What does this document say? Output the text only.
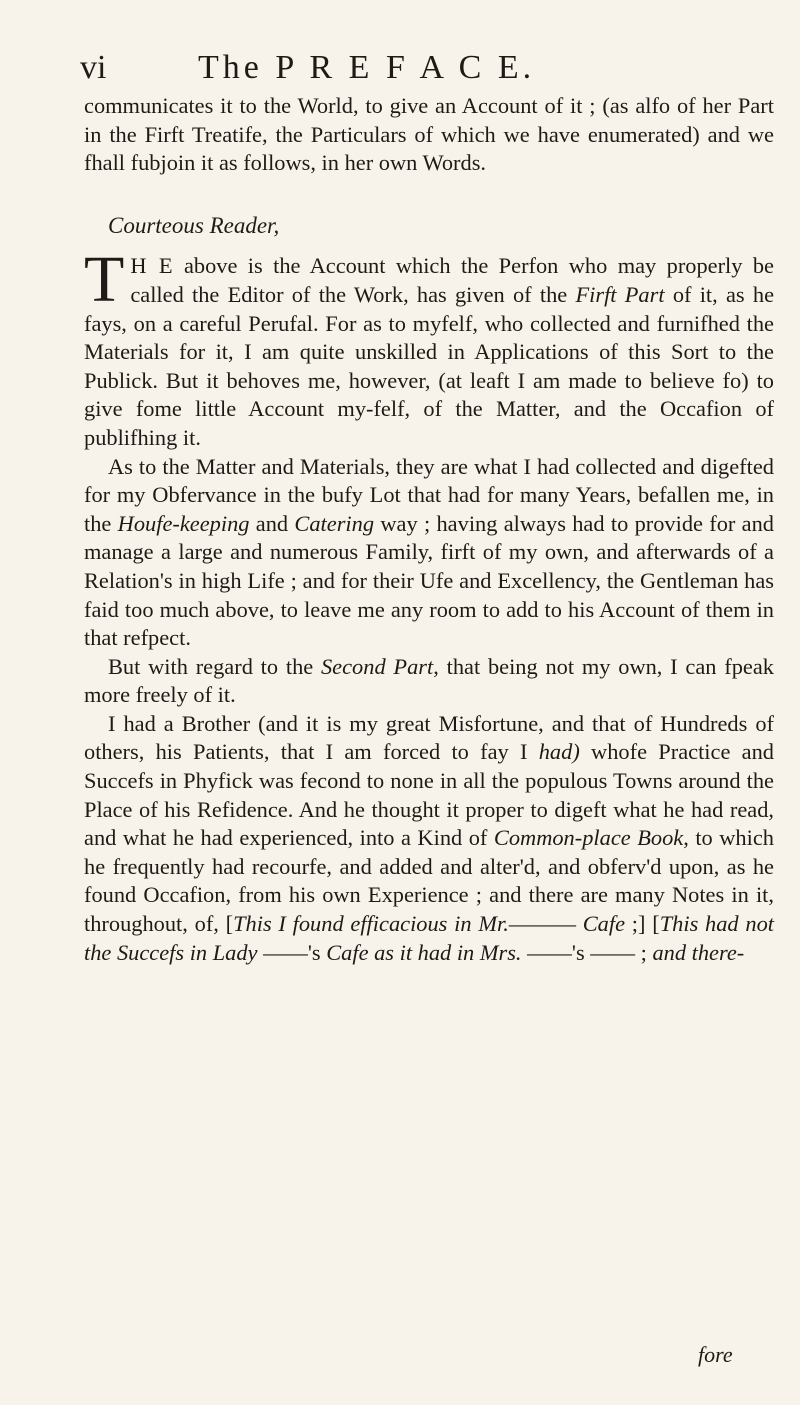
vi	The P R E F A C E.

communicates it to the World, to give an Account of it ; (as alfo of her Part in the Firft Treatife, the Particulars of which we have enumerated) and we fhall fubjoin it as follows, in her own Words.

Courteous Reader,

T H E above is the Account which the Perfon who may properly be called the Editor of the Work, has given of the Firft Part of it, as he fays, on a careful Perufal. For as to myfelf, who collected and furnifhed the Materials for it, I am quite unskilled in Applications of this Sort to the Publick. But it behoves me, however, (at leaft I am made to believe fo) to give fome little Account my-felf, of the Matter, and the Occafion of publifhing it.

As to the Matter and Materials, they are what I had collected and digefted for my Obfervance in the bufy Lot that had for many Years, befallen me, in the Houfe-keeping and Catering way ; having always had to provide for and manage a large and numerous Family, firft of my own, and afterwards of a Relation's in high Life ; and for their Ufe and Excellency, the Gentleman has faid too much above, to leave me any room to add to his Account of them in that refpect.

But with regard to the Second Part, that being not my own, I can fpeak more freely of it.

I had a Brother (and it is my great Misfortune, and that of Hundreds of others, his Patients, that I am forced to fay I had) whofe Practice and Succefs in Phyfick was fecond to none in all the populous Towns around the Place of his Refidence. And he thought it proper to digeft what he had read, and what he had experienced, into a Kind of Common-place Book, to which he frequently had recourfe, and added and alter'd, and obferv'd upon, as he found Occafion, from his own Experience ; and there are many Notes in it, throughout, of, [This I found efficacious in Mr.——— Cafe ;] [This had not the Succefs in Lady ——'s Cafe as it had in Mrs. ——'s —— ; and there-

fore
